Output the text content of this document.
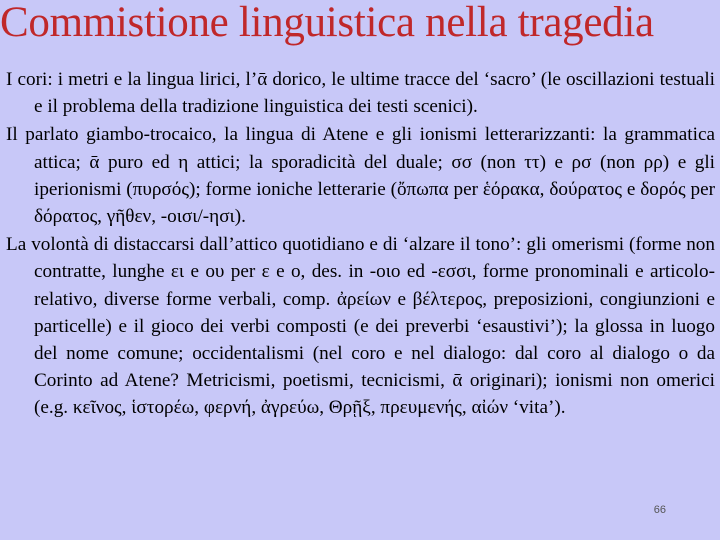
Commistione linguistica nella tragedia

I cori: i metri e la lingua lirici, l’ᾱ dorico, le ultime tracce del ‘sacro’ (le oscillazioni testuali e il problema della tradizione linguistica dei testi scenici).

Il parlato giambo-trocaico, la lingua di Atene e gli ionismi letterarizzanti: la grammatica attica; ᾱ puro ed η attici; la sporadicità del duale; σσ (non ττ) e ρσ (non ρρ) e gli iperionismi (πυρσός); forme ioniche letterarie (ὄπωπα per ἑόρακα, δούρατος e δορός per δόρατος, γῆθεν, -οισι/-ησι).

La volontà di distaccarsi dall’attico quotidiano e di ‘alzare il tono’: gli omerismi (forme non contratte, lunghe ει e ου per ε e ο, des. in ‑οιο ed ‑εσσι, forme pronominali e articolo-relativo, diverse forme verbali, comp. ἀρείων e βέλτερος, preposizioni, congiunzioni e particelle) e il gioco dei verbi composti (e dei preverbi ‘esaustivi’); la glossa in luogo del nome comune; occidentalismi (nel coro e nel dialogo: dal coro al dialogo o da Corinto ad Atene? Metricismi, poetismi, tecnicismi, ᾱ originari); ionismi non omerici (e.g. κεῖνος, ἱστορέω, φερνή, ἀγρεύω, Θρῇξ, πρευμενής, αἰών ‘vita’).

66
